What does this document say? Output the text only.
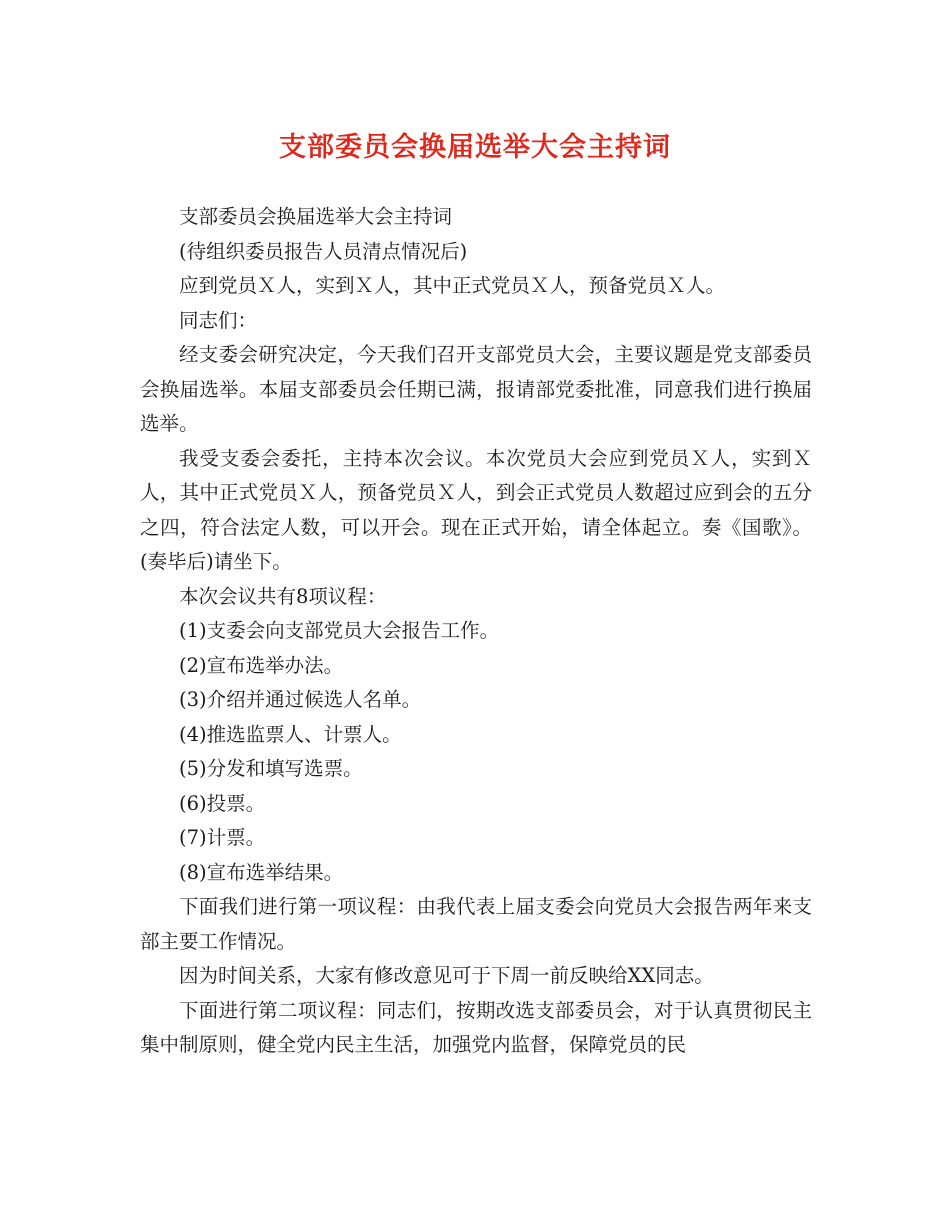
支部委员会换届选举大会主持词

支部委员会换届选举大会主持词

(待组织委员报告人员清点情况后)

应到党员Ｘ人，实到Ｘ人，其中正式党员Ｘ人，预备党员Ｘ人。

同志们：

经支委会研究决定，今天我们召开支部党员大会，主要议题是党支部委员会换届选举。本届支部委员会任期已满，报请部党委批准，同意我们进行换届选举。

我受支委会委托，主持本次会议。本次党员大会应到党员Ｘ人，实到Ｘ人，其中正式党员Ｘ人，预备党员Ｘ人，到会正式党员人数超过应到会的五分之四，符合法定人数，可以开会。现在正式开始，请全体起立。奏《国歌》。(奏毕后)请坐下。

本次会议共有8项议程：

(1)支委会向支部党员大会报告工作。

(2)宣布选举办法。

(3)介绍并通过候选人名单。

(4)推选监票人、计票人。

(5)分发和填写选票。

(6)投票。

(7)计票。

(8)宣布选举结果。

下面我们进行第一项议程：由我代表上届支委会向党员大会报告两年来支部主要工作情况。

因为时间关系，大家有修改意见可于下周一前反映给XX同志。

下面进行第二项议程：同志们，按期改选支部委员会，对于认真贯彻民主集中制原则，健全党内民主生活，加强党内监督，保障党员的民
